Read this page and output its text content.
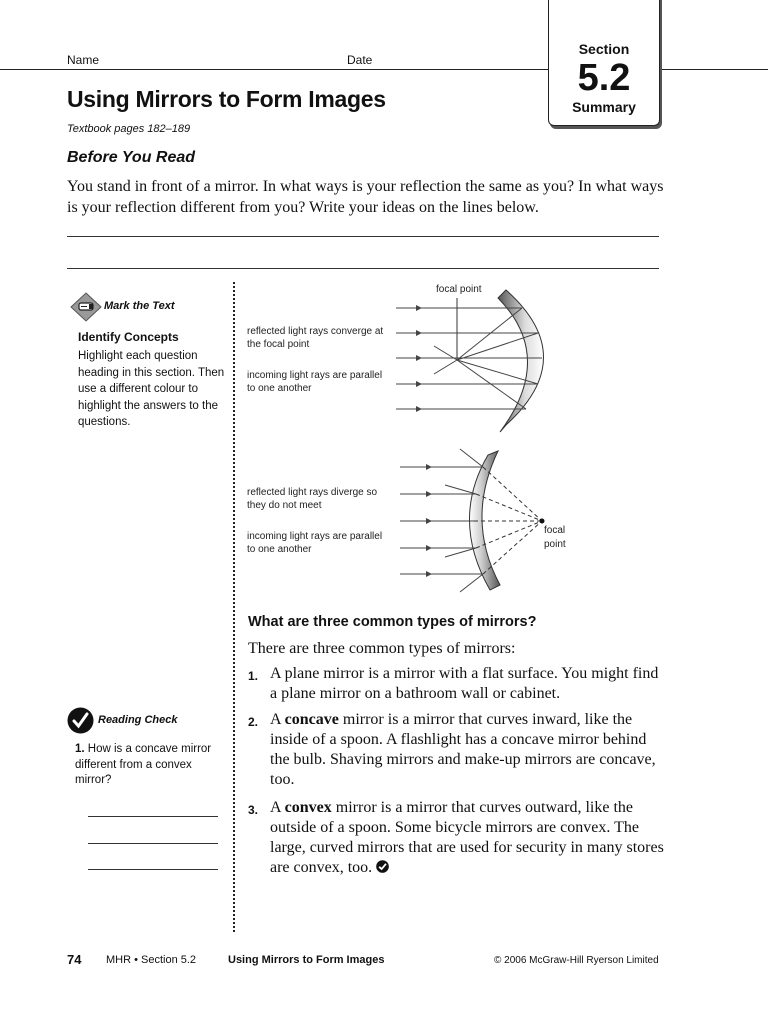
Name	Date
Section
5.2
Summary
Using Mirrors to Form Images
Textbook pages 182–189
Before You Read
You stand in front of a mirror. In what ways is your reflection the same as you? In what ways is your reflection different from you? Write your ideas on the lines below.
Mark the Text
Identify Concepts
Highlight each question heading in this section. Then use a different colour to highlight the answers to the questions.
focal point
reflected light rays converge at the focal point
incoming light rays are parallel to one another
reflected light rays diverge so they do not meet
incoming light rays are parallel to one another
focal
point
What are three common types of mirrors?
There are three common types of mirrors:
1. A plane mirror is a mirror with a flat surface. You might find a plane mirror on a bathroom wall or cabinet.
2. A concave mirror is a mirror that curves inward, like the inside of a spoon. A flashlight has a concave mirror behind the bulb. Shaving mirrors and make-up mirrors are concave, too.
3. A convex mirror is a mirror that curves outward, like the outside of a spoon. Some bicycle mirrors are convex. The large, curved mirrors that are used for security in many stores are convex, too.
Reading Check
1. How is a concave mirror different from a convex mirror?
74 MHR • Section 5.2	Using Mirrors to Form Images	© 2006 McGraw-Hill Ryerson Limited
